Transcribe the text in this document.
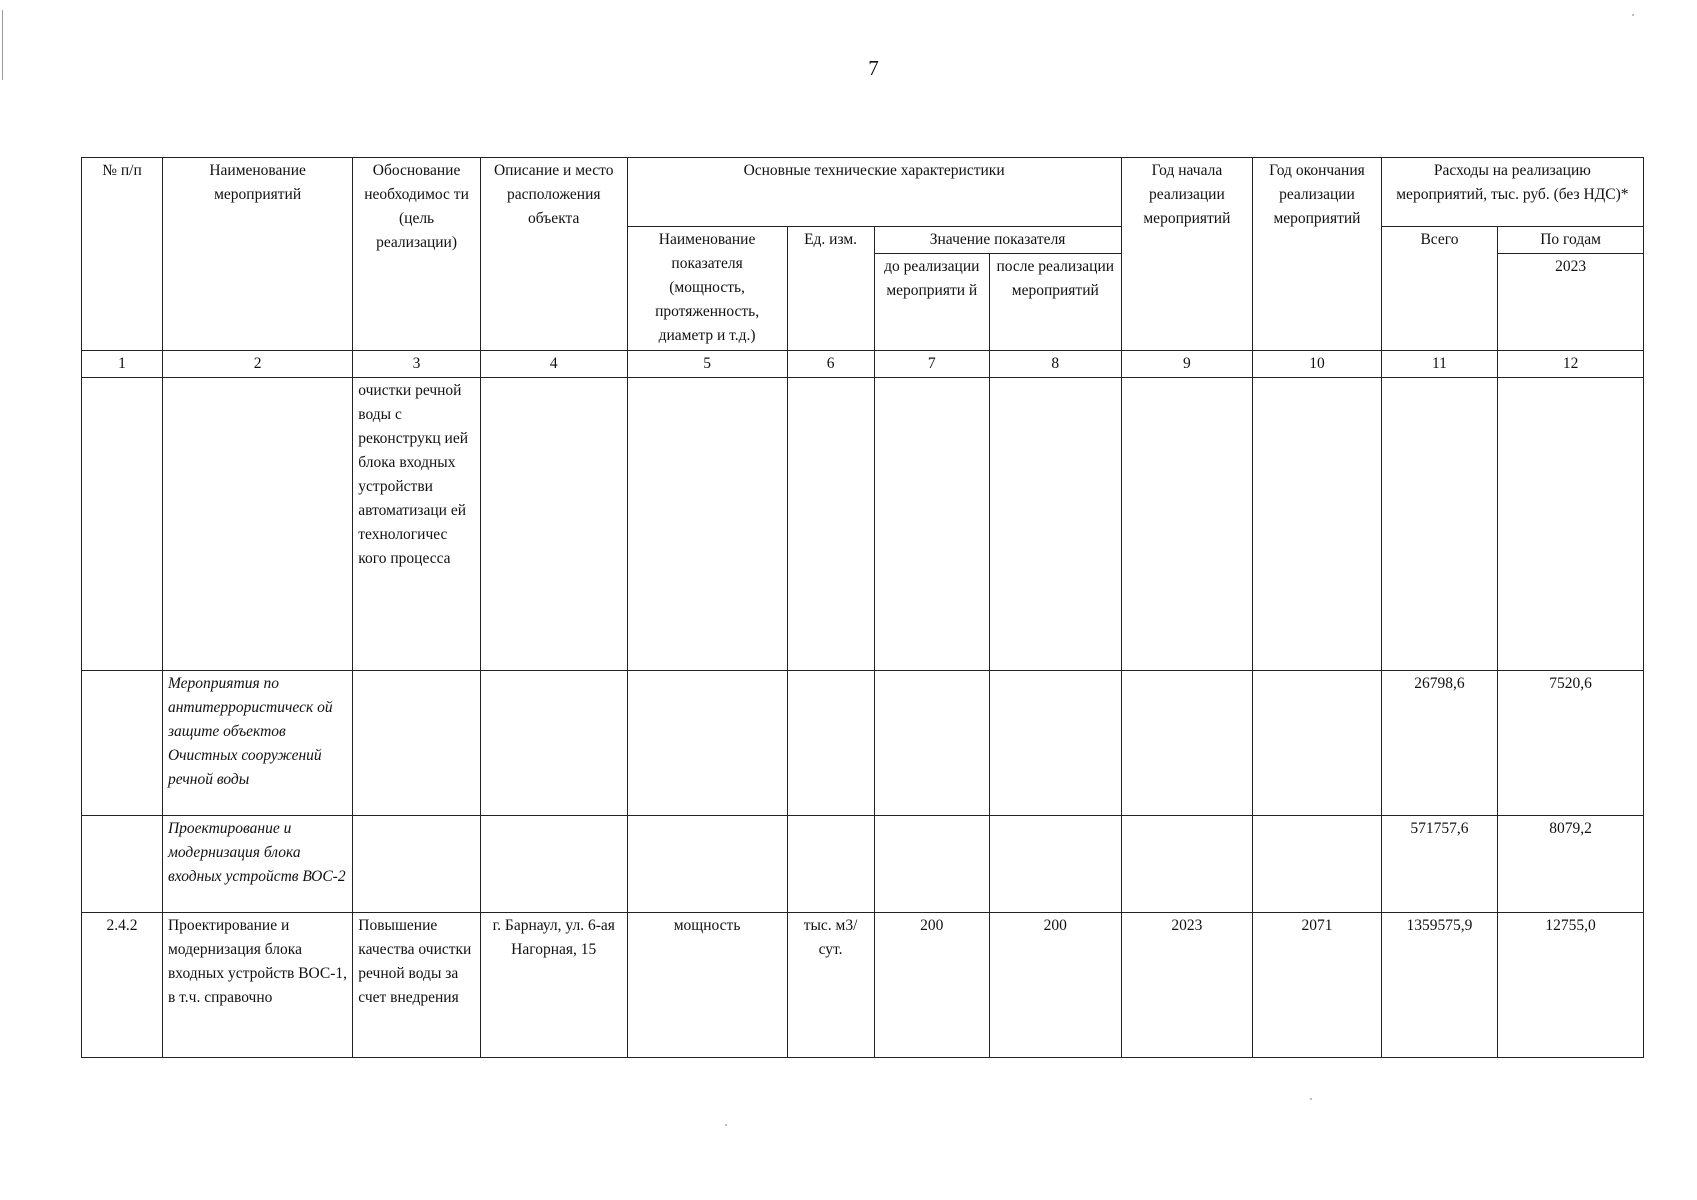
7
№ п/п	Наименование мероприятий	Обоснование необходимос ти (цель реализации)	Описание и место расположения объекта	Основные технические характеристики				Год начала реализации мероприятий	Год окончания реализации мероприятий	Расходы на реализацию мероприятий, тыс. руб. (без НДС)*	
				Наименование показателя (мощность, протяженность, диаметр и т.д.)	Ед. изм.	Значение показателя				Всего	По годам
						до реализации мероприяти й	после реализации мероприятий				2023
1	2	3	4	5	6	7	8	9	10	11	12
		очистки речной воды с реконструкц ией блока входных устройстви автоматизаци ей технологичес кого процесса									
	Мероприятия по антитеррористическ ой защите объектов Очистных сооружений речной воды									26798,6	7520,6
	Проектирование и модернизация блока входных устройств ВОС-2									571757,6	8079,2
2.4.2	Проектирование и модернизация блока входных устройств ВОС-1, в т.ч. справочно	Повышение качества очистки речной воды за счет внедрения	г. Барнаул, ул. 6-ая Нагорная, 15	мощность	тыс. м3/сут.	200	200	2023	2071	1359575,9	12755,0
